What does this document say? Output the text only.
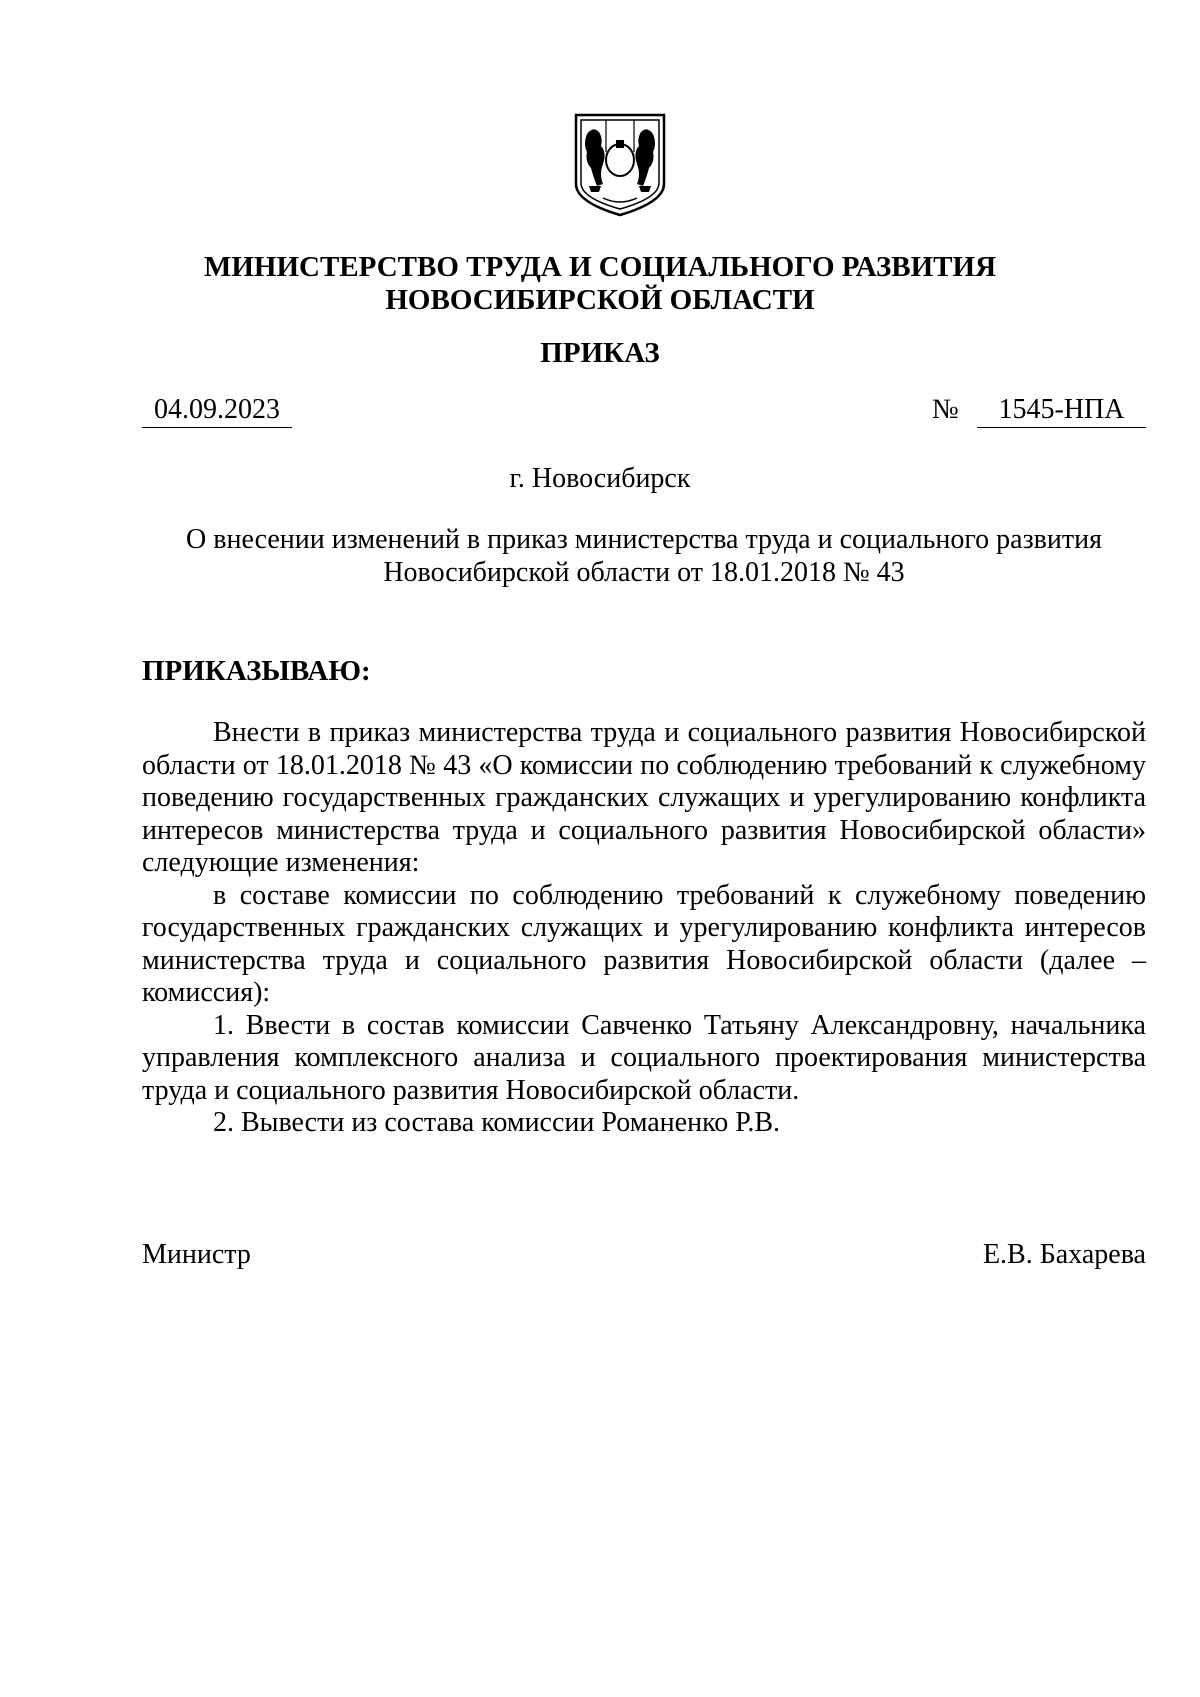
МИНИСТЕРСТВО ТРУДА И СОЦИАЛЬНОГО РАЗВИТИЯ
НОВОСИБИРСКОЙ ОБЛАСТИ
ПРИКАЗ
04.09.2023	№	1545-НПА
г. Новосибирск
О внесении изменений в приказ министерства труда и социального развития
Новосибирской области от 18.01.2018 № 43
ПРИКАЗЫВАЮ:

Внести в приказ министерства труда и социального развития Новосибирской области от 18.01.2018 № 43 «О комиссии по соблюдению требований к служебному поведению государственных гражданских служащих и урегулированию конфликта интересов министерства труда и социального развития Новосибирской области» следующие изменения:

в составе комиссии по соблюдению требований к служебному поведению государственных гражданских служащих и урегулированию конфликта интересов министерства труда и социального развития Новосибирской области (далее – комиссия):

1. Ввести в состав комиссии Савченко Татьяну Александровну, начальника управления комплексного анализа и социального проектирования министерства труда и социального развития Новосибирской области.

2. Вывести из состава комиссии Романенко Р.В.

Министр	Е.В. Бахарева
